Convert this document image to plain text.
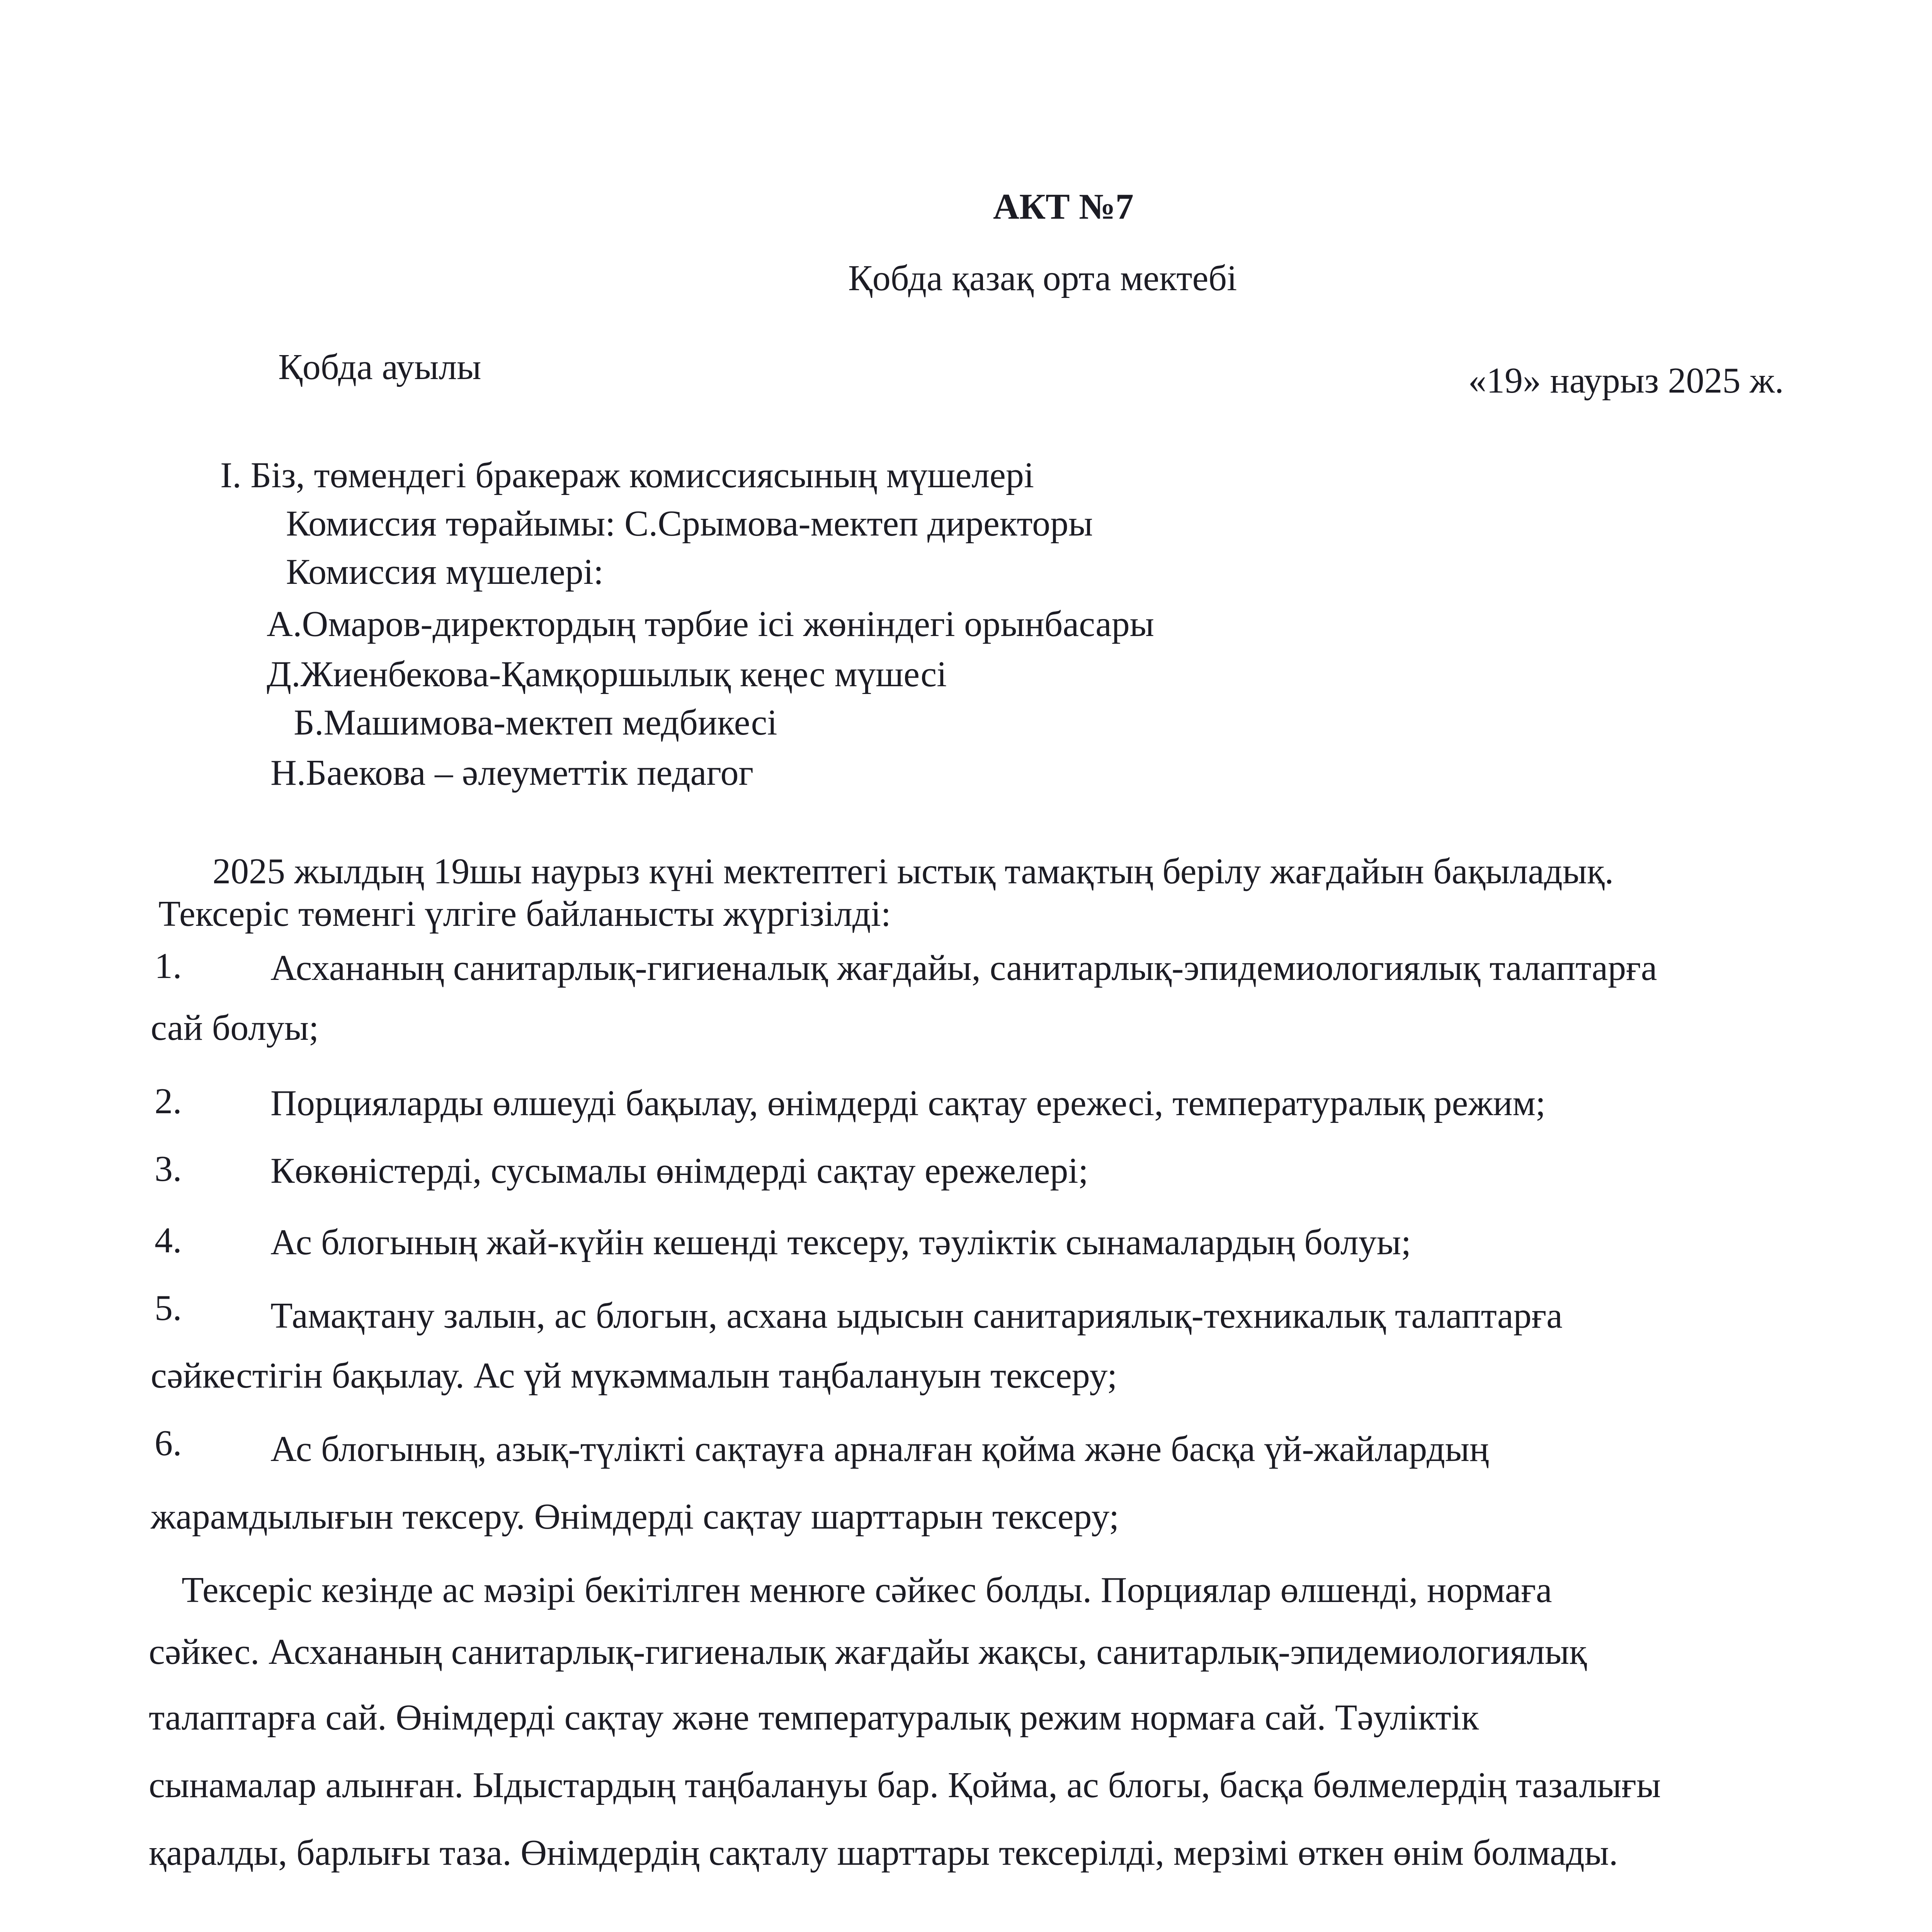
АКТ №7
Қобда қазақ орта мектебі
Қобда ауылы	«19» наурыз 2025 ж.
І. Біз, төмендегі бракераж комиссиясының мүшелері
Комиссия төрайымы: С.Срымова-мектеп директоры
Комиссия мүшелері:
А.Омаров-директордың тәрбие ісі жөніндегі орынбасары
Д.Жиенбекова-Қамқоршылық кеңес мүшесі
Б.Машимова-мектеп медбикесі
Н.Баекова – әлеуметтік педагог
2025 жылдың 19шы наурыз күні мектептегі ыстық тамақтың берілу жағдайын бақыладық.
Тексеріс төменгі үлгіге байланысты жүргізілді:
1. Асхананың санитарлық-гигиеналық жағдайы, санитарлық-эпидемиологиялық талаптарға
сай болуы;
2. Порцияларды өлшеуді бақылау, өнімдерді сақтау ережесі, температуралық режим;
3. Көкөністерді, сусымалы өнімдерді сақтау ережелері;
4. Ас блогының жай-күйін кешенді тексеру, тәуліктік сынамалардың болуы;
5. Тамақтану залын, ас блогын, асхана ыдысын санитариялық-техникалық талаптарға
сәйкестігін бақылау. Ас үй мүкәммалын таңбалануын тексеру;
6. Ас блогының, азық-түлікті сақтауға арналған қойма және басқа үй-жайлардың
жарамдылығын тексеру. Өнімдерді сақтау шарттарын тексеру;
Тексеріс кезінде ас мәзірі бекітілген менюге сәйкес болды. Порциялар өлшенді, нормаға
сәйкес. Асхананың санитарлық-гигиеналық жағдайы жақсы, санитарлық-эпидемиологиялық
талаптарға сай. Өнімдерді сақтау және температуралық режим нормаға сай. Тәуліктік
сынамалар алынған. Ыдыстардың таңбалануы бар. Қойма, ас блогы, басқа бөлмелердің тазалығы
қаралды, барлығы таза. Өнімдердің сақталу шарттары тексерілді, мерзімі өткен өнім болмады.
